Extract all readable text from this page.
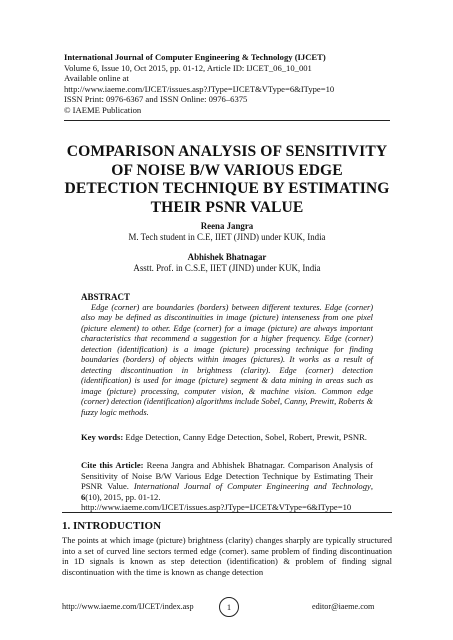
International Journal of Computer Engineering & Technology (IJCET)
Volume 6, Issue 10, Oct 2015, pp. 01-12, Article ID: IJCET_06_10_001
Available online at
http://www.iaeme.com/IJCET/issues.asp?JType=IJCET&VType=6&IType=10
ISSN Print: 0976-6367 and ISSN Online: 0976–6375
© IAEME Publication
COMPARISON ANALYSIS OF SENSITIVITY
OF NOISE B/W VARIOUS EDGE
DETECTION TECHNIQUE BY ESTIMATING
THEIR PSNR VALUE
Reena Jangra
M. Tech student in C.E, IIET (JIND) under KUK, India
Abhishek Bhatnagar
Asstt. Prof. in C.S.E, IIET (JIND) under KUK, India
ABSTRACT

Edge (corner) are boundaries (borders) between different textures. Edge (corner) also may be defined as discontinuities in image (picture) intenseness from one pixel (picture element) to other. Edge (corner) for a image (picture) are always important characteristics that recommend a suggestion for a higher frequency. Edge (corner) detection (identification) is a image (picture) processing technique for finding boundaries (borders) of objects within images (pictures). It works as a result of detecting discontinuation in brightness (clarity). Edge (corner) detection (identification) is used for image (picture) segment & data mining in areas such as image (picture) processing, computer vision, & machine vision. Common edge (corner) detection (identification) algorithms include Sobel, Canny, Prewitt, Roberts & fuzzy logic methods.

Key words: Edge Detection, Canny Edge Detection, Sobel, Robert, Prewit, PSNR.

Cite this Article: Reena Jangra and Abhishek Bhatnagar. Comparison Analysis of Sensitivity of Noise B/W Various Edge Detection Technique by Estimating Their PSNR Value. International Journal of Computer Engineering and Technology, 6(10), 2015, pp. 01-12.
http://www.iaeme.com/IJCET/issues.asp?JType=IJCET&VType=6&IType=10

1. INTRODUCTION

The points at which image (picture) brightness (clarity) changes sharply are typically structured into a set of curved line sectors termed edge (corner). same problem of finding discontinuation in 1D signals is known as step detection (identification) & problem of finding signal discontinuation with the time is known as change detection

http://www.iaeme.com/IJCET/index.asp	1	editor@iaeme.com
